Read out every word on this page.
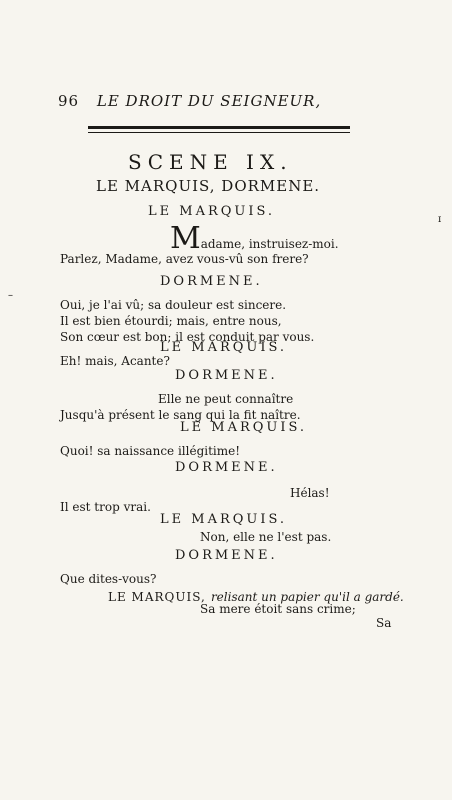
96 LE DROIT DU SEIGNEUR,
SCENE IX.
LE MARQUIS, DORMENE.
LE MARQUIS.
Madame, instruisez-moi.
Parlez, Madame, avez vous-vû son frere?
DORMENE.
Oui, je l'ai vû; sa douleur est sincere.
Il est bien étourdi; mais, entre nous,
Son cœur est bon; il est conduit par vous.
LE MARQUIS.
Eh! mais, Acante?
DORMENE.
Elle ne peut connaître
Jusqu'à présent le sang qui la fit naître.
LE MARQUIS.
Quoi! sa naissance illégitime!
DORMENE.
Hélas!
Il est trop vrai.
LE MARQUIS.
Non, elle ne l'est pas.
DORMENE.
Que dites-vous?
LE MARQUIS, relisant un papier qu'il a gardé.
Sa mere étoit sans crime;
Sa
ɪ
–
